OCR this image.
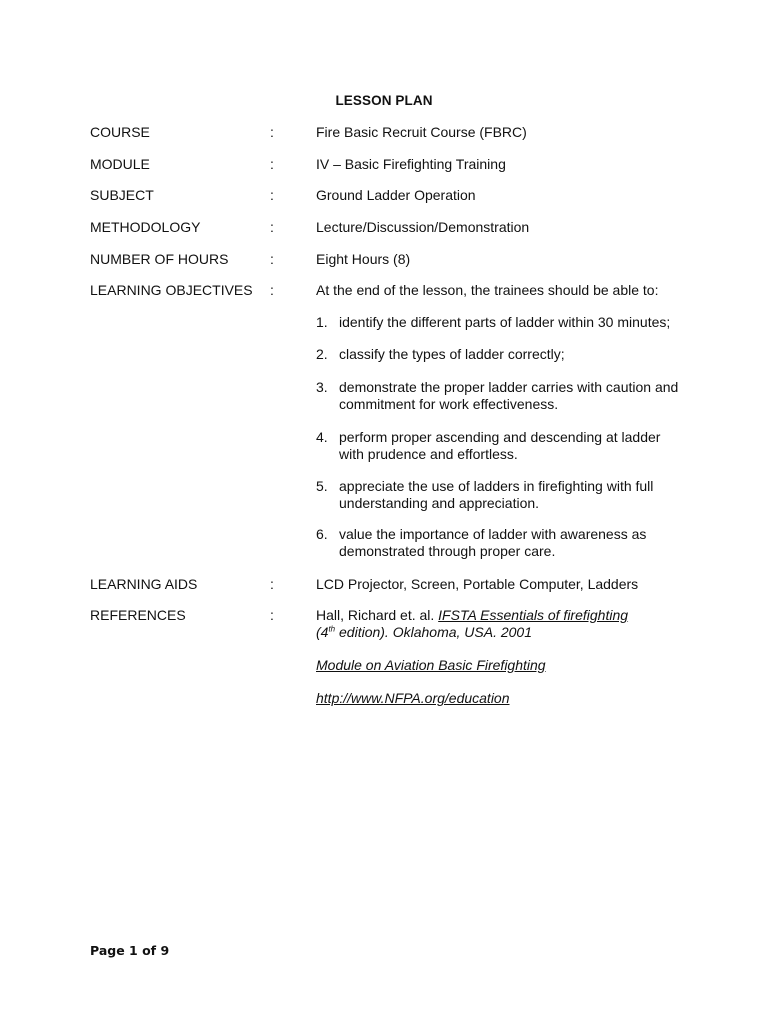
LESSON PLAN
COURSE	:	Fire Basic Recruit Course (FBRC)
MODULE	:	IV – Basic Firefighting Training
SUBJECT	:	Ground Ladder Operation
METHODOLOGY	:	Lecture/Discussion/Demonstration
NUMBER OF HOURS	:	Eight Hours (8)
LEARNING OBJECTIVES :	At the end of the lesson, the trainees should be able to:
1. identify the different parts of ladder within 30 minutes;
2. classify the types of ladder correctly;
3. demonstrate the proper ladder carries with caution and commitment for work effectiveness.
4. perform proper ascending and descending at ladder with prudence and effortless.
5. appreciate the use of ladders in firefighting with full understanding and appreciation.
6. value the importance of ladder with awareness as demonstrated through proper care.
LEARNING AIDS	:	LCD Projector, Screen, Portable Computer, Ladders
REFERENCES	:	Hall, Richard et. al. IFSTA Essentials of firefighting
(4th edition). Oklahoma, USA. 2001
Module on Aviation Basic Firefighting
http://www.NFPA.org/education
Page 1 of 9
